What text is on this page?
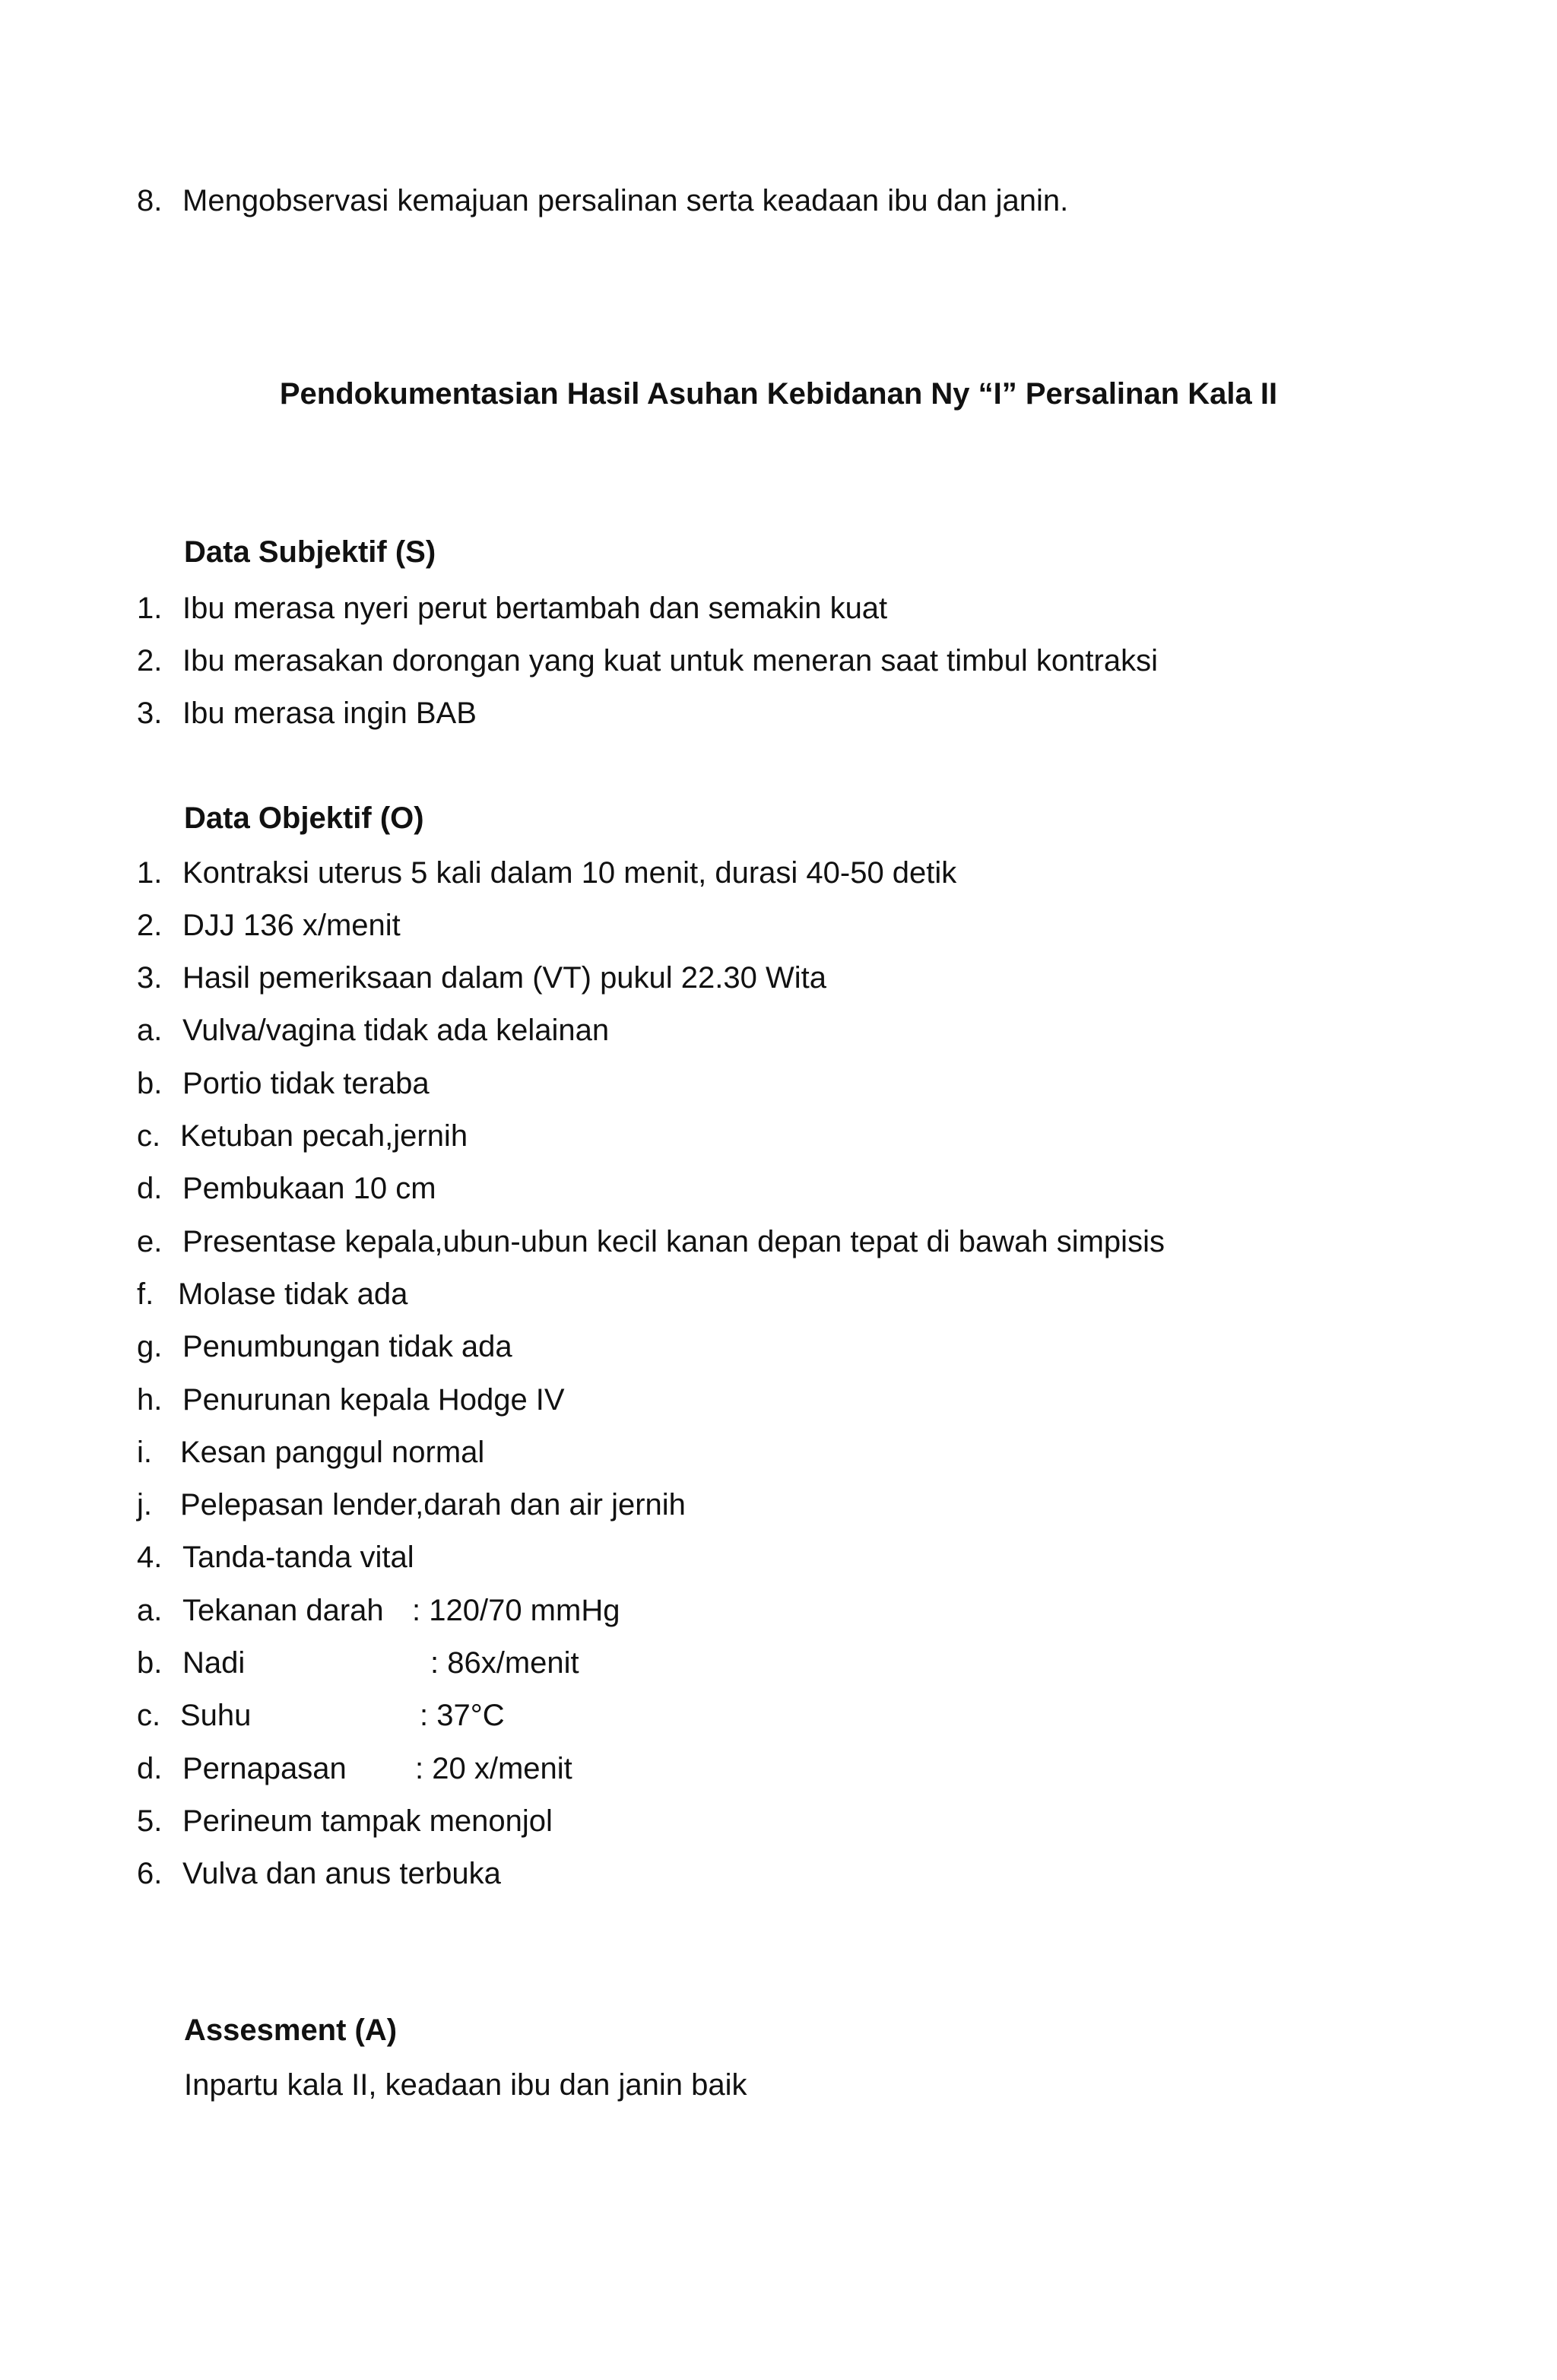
8. Mengobservasi kemajuan persalinan serta keadaan ibu dan janin.
Pendokumentasian Hasil Asuhan Kebidanan Ny “I” Persalinan Kala II
Data Subjektif (S)
1. Ibu merasa nyeri perut bertambah dan semakin kuat
2. Ibu merasakan dorongan yang kuat untuk meneran saat timbul kontraksi
3. Ibu merasa ingin BAB
Data Objektif (O)
1. Kontraksi uterus 5 kali dalam 10 menit, durasi 40-50 detik
2. DJJ 136 x/menit
3. Hasil pemeriksaan dalam (VT) pukul 22.30 Wita
a. Vulva/vagina tidak ada kelainan
b. Portio tidak teraba
c. Ketuban pecah,jernih
d. Pembukaan 10 cm
e. Presentase kepala,ubun-ubun kecil kanan depan tepat di bawah simpisis
f. Molase tidak ada
g. Penumbungan tidak ada
h. Penurunan kepala Hodge IV
i. Kesan panggul normal
j. Pelepasan lender,darah dan air jernih
4. Tanda-tanda vital
a. Tekanan darah : 120/70 mmHg
b. Nadi	: 86x/menit
c. Suhu	: 37°C
d. Pernapasan : 20 x/menit
5. Perineum tampak menonjol
6. Vulva dan anus terbuka
Assesment (A)
Inpartu kala II, keadaan ibu dan janin baik
